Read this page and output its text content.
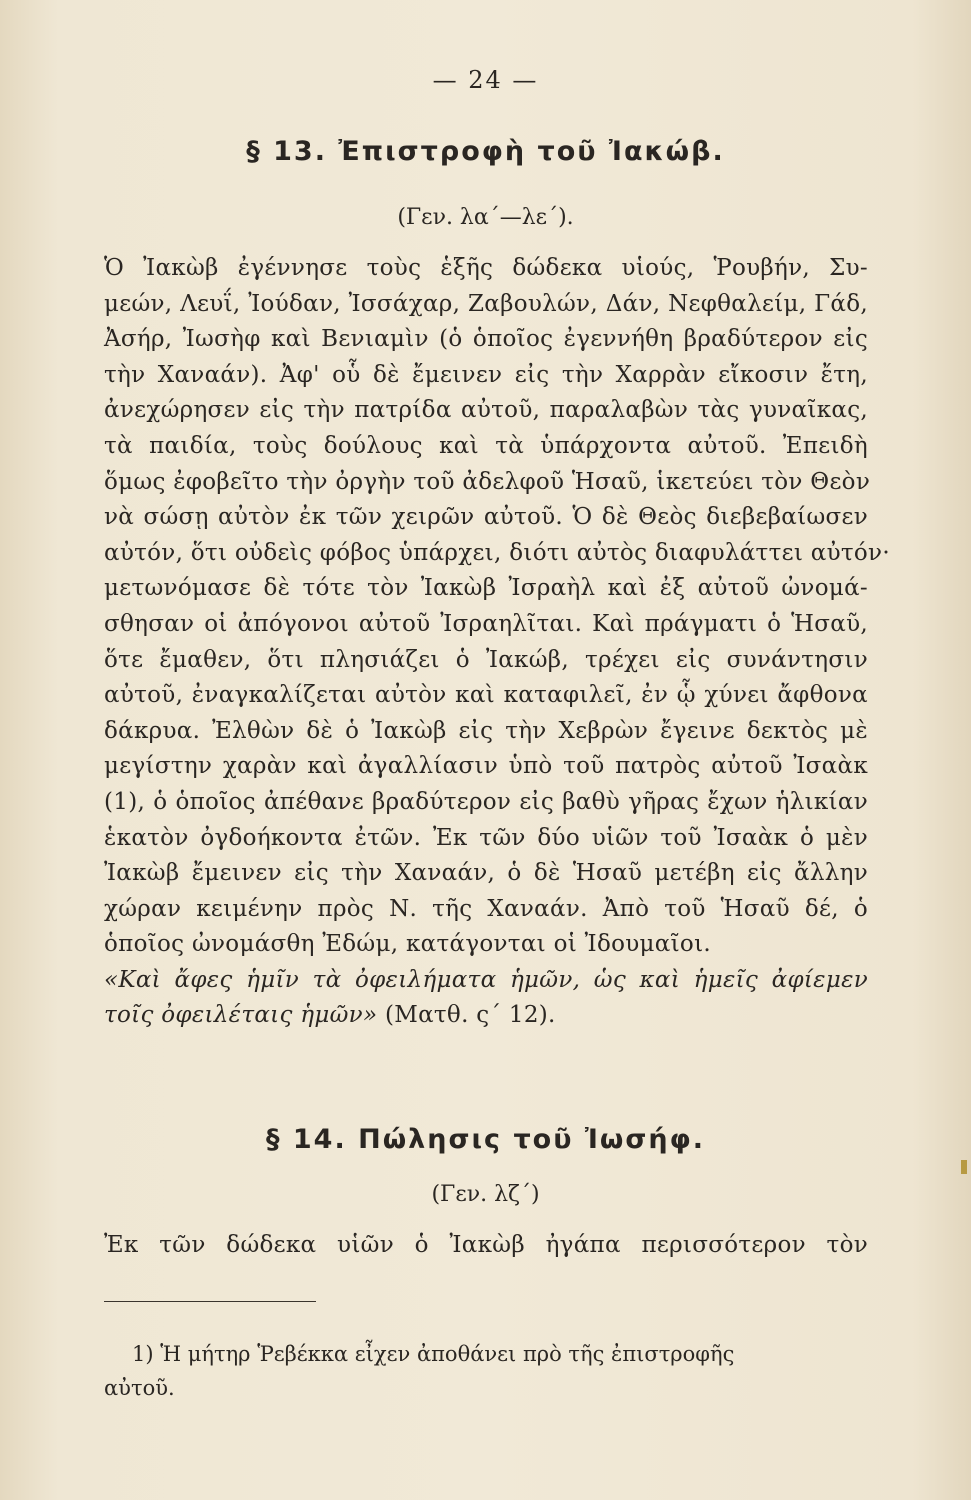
— 24 —
§ 13. Ἐπιστροφὴ τοῦ Ἰακώβ.
(Γεν. λα΄—λε΄).
Ὁ Ἰακὼβ ἐγέννησε τοὺς ἑξῆς δώδεκα υἱούς, Ῥουβήν, Συ-
μεών, Λευΐ, Ἰούδαν, Ἰσσάχαρ, Ζαβουλών, Δάν, Νεφθαλείμ, Γάδ,
Ἀσήρ, Ἰωσὴφ καὶ Βενιαμὶν (ὁ ὁποῖος ἐγεννήθη βραδύτερον εἰς
τὴν Χαναάν). Ἀφ' οὗ δὲ ἔμεινεν εἰς τὴν Χαρρὰν εἴκοσιν ἔτη,
ἀνεχώρησεν εἰς τὴν πατρίδα αὐτοῦ, παραλαβὼν τὰς γυναῖκας,
τὰ παιδία, τοὺς δούλους καὶ τὰ ὑπάρχοντα αὐτοῦ. Ἐπειδὴ
ὅμως ἐφοβεῖτο τὴν ὀργὴν τοῦ ἀδελφοῦ Ἡσαῦ, ἱκετεύει τὸν Θεὸν
νὰ σώσῃ αὐτὸν ἐκ τῶν χειρῶν αὐτοῦ. Ὁ δὲ Θεὸς διεβεβαίωσεν
αὐτόν, ὅτι οὐδεὶς φόβος ὑπάρχει, διότι αὐτὸς διαφυλάττει αὐτόν·
μετωνόμασε δὲ τότε τὸν Ἰακὼβ Ἰσραὴλ καὶ ἐξ αὐτοῦ ὠνομά-
σθησαν οἱ ἀπόγονοι αὐτοῦ Ἰσραηλῖται. Καὶ πράγματι ὁ Ἡσαῦ,
ὅτε ἔμαθεν, ὅτι πλησιάζει ὁ Ἰακώβ, τρέχει εἰς συνάντησιν
αὐτοῦ, ἐναγκαλίζεται αὐτὸν καὶ καταφιλεῖ, ἐν ᾧ χύνει ἄφθονα
δάκρυα. Ἐλθὼν δὲ ὁ Ἰακὼβ εἰς τὴν Χεβρὼν ἔγεινε δεκτὸς μὲ
μεγίστην χαρὰν καὶ ἀγαλλίασιν ὑπὸ τοῦ πατρὸς αὐτοῦ Ἰσαὰκ
(1), ὁ ὁποῖος ἀπέθανε βραδύτερον εἰς βαθὺ γῆρας ἔχων ἡλικίαν
ἑκατὸν ὀγδοήκοντα ἐτῶν. Ἐκ τῶν δύο υἱῶν τοῦ Ἰσαὰκ ὁ μὲν
Ἰακὼβ ἔμεινεν εἰς τὴν Χαναάν, ὁ δὲ Ἡσαῦ μετέβη εἰς ἄλλην
χώραν κειμένην πρὸς Ν. τῆς Χαναάν. Ἀπὸ τοῦ Ἡσαῦ δέ, ὁ
ὁποῖος ὠνομάσθη Ἐδώμ, κατάγονται οἱ Ἰδουμαῖοι.
«Καὶ ἄφες ἡμῖν τὰ ὀφειλήματα ἡμῶν, ὡς καὶ ἡμεῖς ἀφίεμεν
τοῖς ὀφειλέταις ἡμῶν» (Ματθ. ς΄ 12).
§ 14. Πώλησις τοῦ Ἰωσήφ.
(Γεν. λζ΄)
Ἐκ τῶν δώδεκα υἱῶν ὁ Ἰακὼβ ἠγάπα περισσότερον τὸν
1) Ἡ μήτηρ Ῥεβέκκα εἶχεν ἀποθάνει πρὸ τῆς ἐπιστροφῆς
αὐτοῦ.
